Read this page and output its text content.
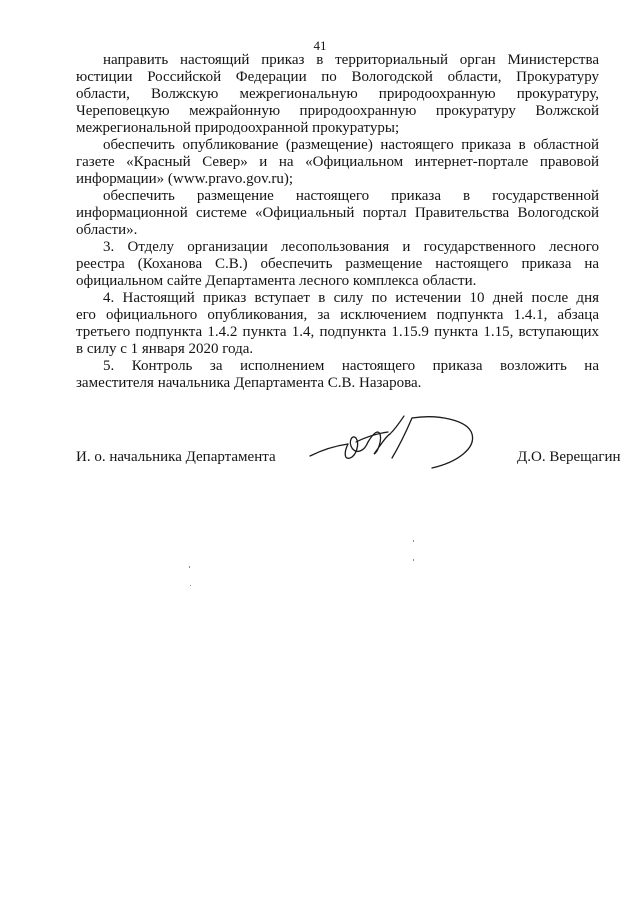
41
направить настоящий приказ в территориальный орган Министерства
юстиции Российской Федерации по Вологодской области, Прокуратуру
области, Волжскую межрегиональную природоохранную прокуратуру,
Череповецкую межрайонную природоохранную прокуратуру Волжской
межрегиональной природоохранной прокуратуры;
обеспечить опубликование (размещение) настоящего приказа в областной
газете «Красный Север» и на «Официальном интернет-портале правовой
информации» (www.pravo.gov.ru);
обеспечить размещение настоящего приказа в государственной
информационной системе «Официальный портал Правительства Вологодской
области».
3. Отделу организации лесопользования и государственного лесного
реестра (Коханова С.В.) обеспечить размещение настоящего приказа на
официальном сайте Департамента лесного комплекса области.
4. Настоящий приказ вступает в силу по истечении 10 дней после дня
его официального опубликования, за исключением подпункта 1.4.1, абзаца
третьего подпункта 1.4.2 пункта 1.4, подпункта 1.15.9 пункта 1.15, вступающих
в силу с 1 января 2020 года.
5. Контроль за исполнением настоящего приказа возложить на
заместителя начальника Департамента С.В. Назарова.
И. о. начальника Департамента	Д.О. Верещагин
